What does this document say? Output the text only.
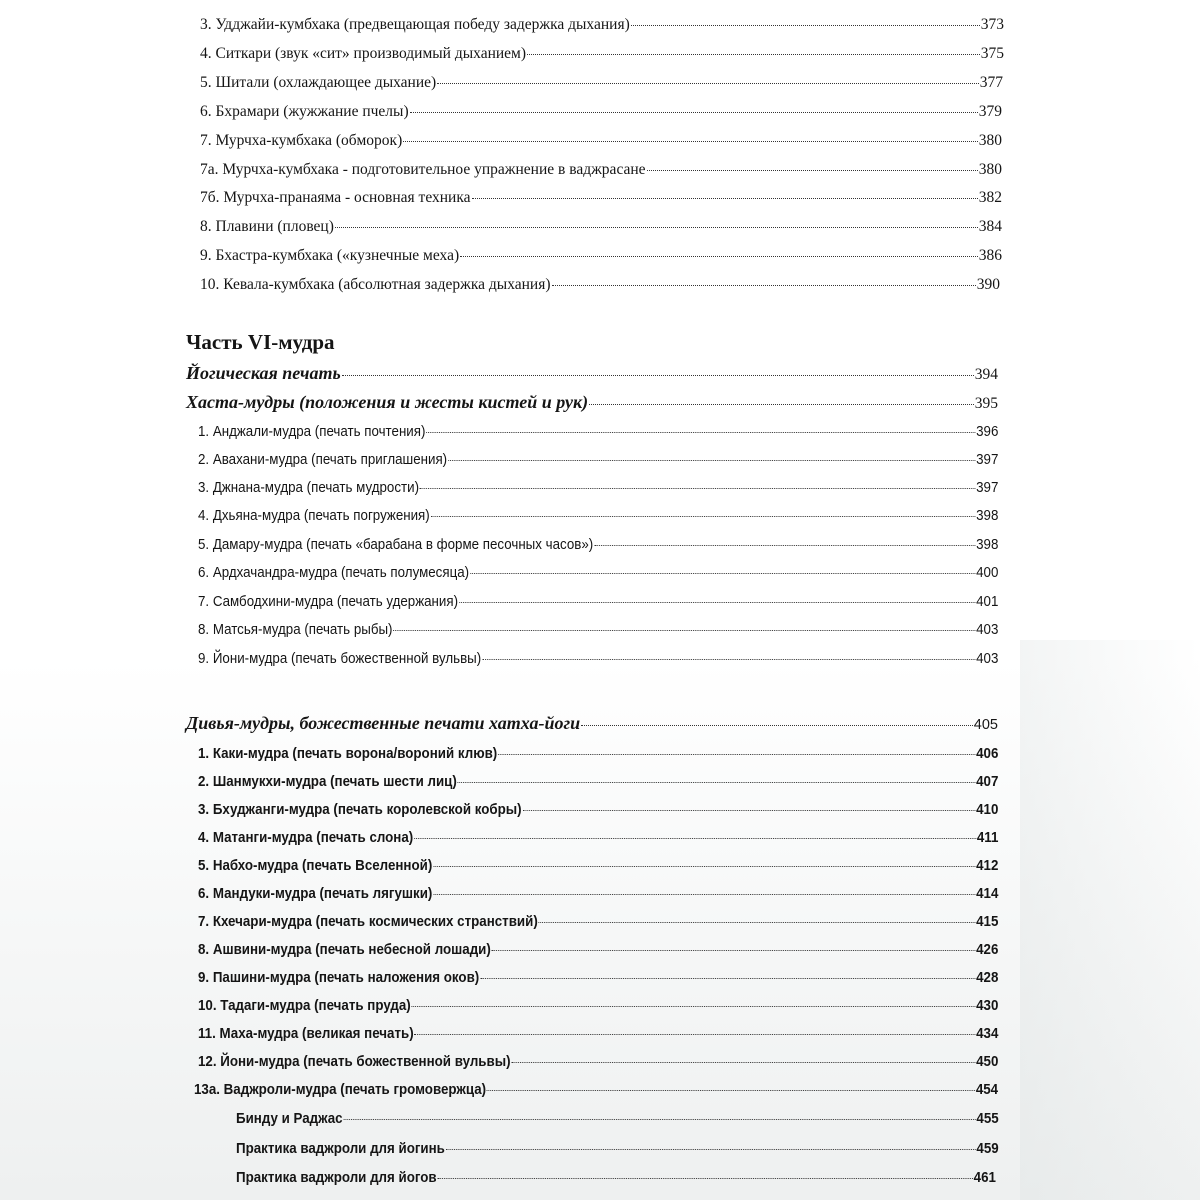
3. Удджайи-кумбхака (предвещающая победу задержка дыхания)	373
4. Ситкари (звук «сит» производимый дыханием)	375
5. Шитали (охлаждающее дыхание)	377
6. Бхрамари (жужжание пчелы)	379
7. Мурчха-кумбхака (обморок)	380
7а. Мурчха-кумбхака - подготовительное упражнение в ваджрасане	380
7б. Мурчха-пранаяма - основная техника	382
8. Плавини (пловец)	384
9. Бхастра-кумбхака («кузнечные меха)	386
10. Кевала-кумбхака (абсолютная задержка дыхания)	390
Часть VI-мудра
Йогическая печать	394
Хаста-мудры (положения и жесты кистей и рук)	395
1. Анджали-мудра (печать почтения)	396
2. Авахани-мудра (печать приглашения)	397
3. Джнана-мудра (печать мудрости)	397
4. Дхьяна-мудра (печать погружения)	398
5. Дамару-мудра (печать «барабана в форме песочных часов»)	398
6. Ардхачандра-мудра (печать полумесяца)	400
7. Самбодхини-мудра (печать удержания)	401
8. Матсья-мудра (печать рыбы)	403
9. Йони-мудра (печать божественной вульвы)	403
Дивья-мудры, божественные печати хатха-йоги	405
1. Каки-мудра (печать ворона/вороний клюв)	406
2. Шанмукхи-мудра (печать шести лиц)	407
3. Бхуджанги-мудра (печать королевской кобры)	410
4. Матанги-мудра (печать слона)	411
5. Набхо-мудра (печать Вселенной)	412
6. Мандуки-мудра (печать лягушки)	414
7. Кхечари-мудра (печать космических странствий)	415
8. Ашвини-мудра (печать небесной лошади)	426
9. Пашини-мудра (печать наложения оков)	428
10. Тадаги-мудра (печать пруда)	430
11. Маха-мудра (великая печать)	434
12. Йони-мудра (печать божественной вульвы)	450
13а. Ваджроли-мудра (печать громовержца)	454
Бинду и Раджас	455
Практика ваджроли для йогинь	459
Практика ваджроли для йогов	461
